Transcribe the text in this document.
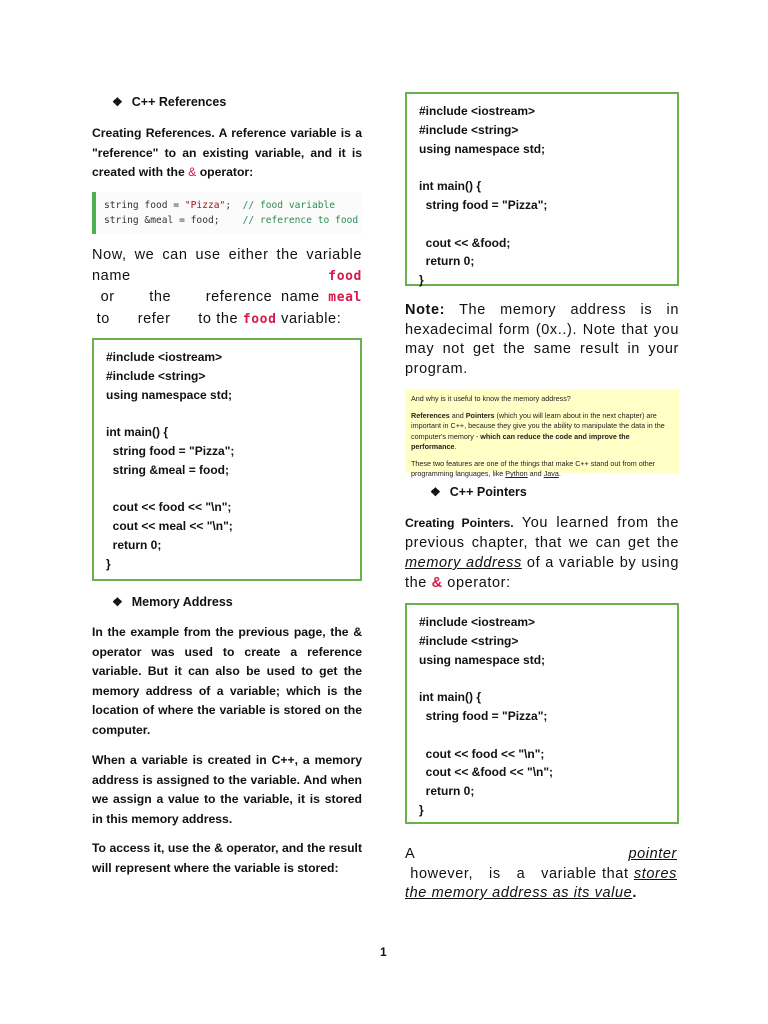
❖ C++ References
Creating References. A reference variable is a "reference" to an existing variable, and it is created with the & operator:
string food = "Pizza";  // food variable
string &meal = food;    // reference to food
Now, we can use either the variable name food or    the    reference name meal to      refer      to the food variable:
#include <iostream>
#include <string>
using namespace std;
int main() {
string food = "Pizza";
string &meal = food;
cout << food << "\n";
cout << meal << "\n";
return 0;
}
❖ Memory Address
In the example from the previous page, the & operator was used to create a reference variable. But it can also be used to get the memory address of a variable; which is the location of where the variable is stored on the computer.
When a variable is created in C++, a memory address is assigned to the variable. And when we assign a value to the variable, it is stored in this memory address.
To access it, use the & operator, and the result will represent where the variable is stored:
#include <iostream>
#include <string>
using namespace std;
int main() {
string food = "Pizza";
cout << &food;
return 0;
}
Note: The memory address is in hexadecimal form (0x..). Note that you may not get the same result in your program.

And why is it useful to know the memory address?

References and Pointers (which you will learn about in the next chapter) are important in C++, because they give you the ability to manipulate the data in the computer's memory - which can reduce the code and improve the performance.

These two features are one of the things that make C++ stand out from other programming languages, like Python and Java.

❖ C++ Pointers
Creating Pointers. You learned from the previous chapter, that we can get the memory address of a variable by using the & operator:
#include <iostream>
#include <string>
using namespace std;
int main() {
string food = "Pizza";
cout << food << "\n";
cout << &food << "\n";
return 0;
}
A pointer however,   is   a   variable that stores the memory address as its value.
1
